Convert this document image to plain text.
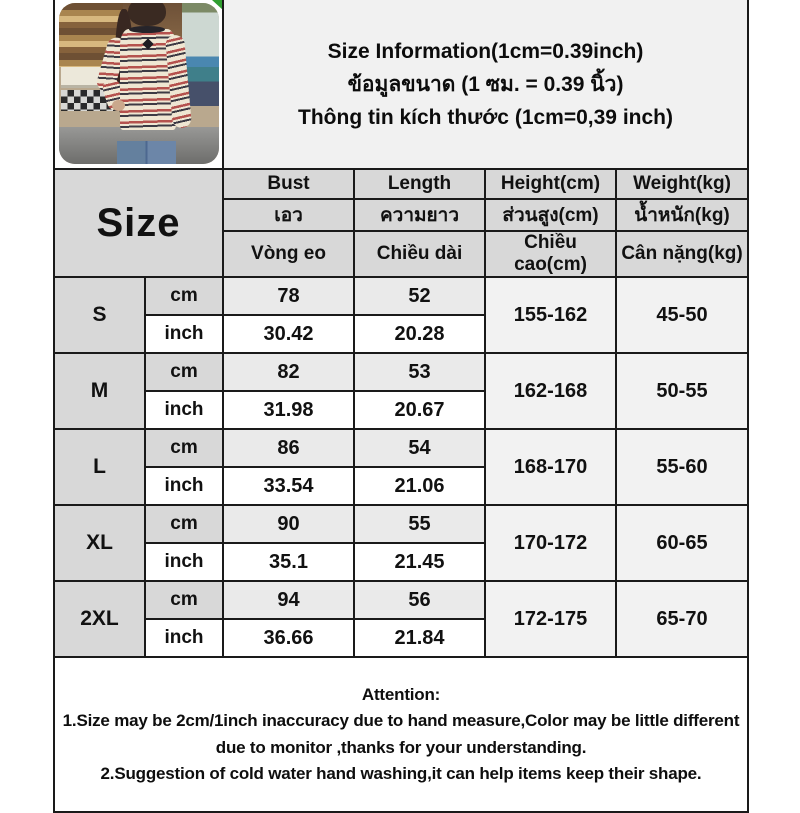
		Size Information(1cm=0.39inch)
ข้อมูลขนาด (1 ซม. = 0.39 นิ้ว)
Thông tin kích thước (1cm=0,39 inch)			

Size		Bust	Length	Height(cm)	Weight(kg)
		เอว	ความยาว	ส่วนสูง(cm)	น้ำหนัก(kg)
		Vòng eo	Chiều dài	Chiều cao(cm)	Cân nặng(kg)
S	cm	78	52	155-162	45-50
	inch	30.42	20.28		
M	cm	82	53	162-168	50-55
	inch	31.98	20.67		
L	cm	86	54	168-170	55-60
	inch	33.54	21.06		
XL	cm	90	55	170-172	60-65
	inch	35.1	21.45		
2XL	cm	94	56	172-175	65-70
	inch	36.66	21.84		

Attention:
1.Size may be 2cm/1inch inaccuracy due to hand measure,Color may be little different
due to monitor ,thanks for your understanding.
2.Suggestion of cold water hand washing,it can help items keep their shape.					
